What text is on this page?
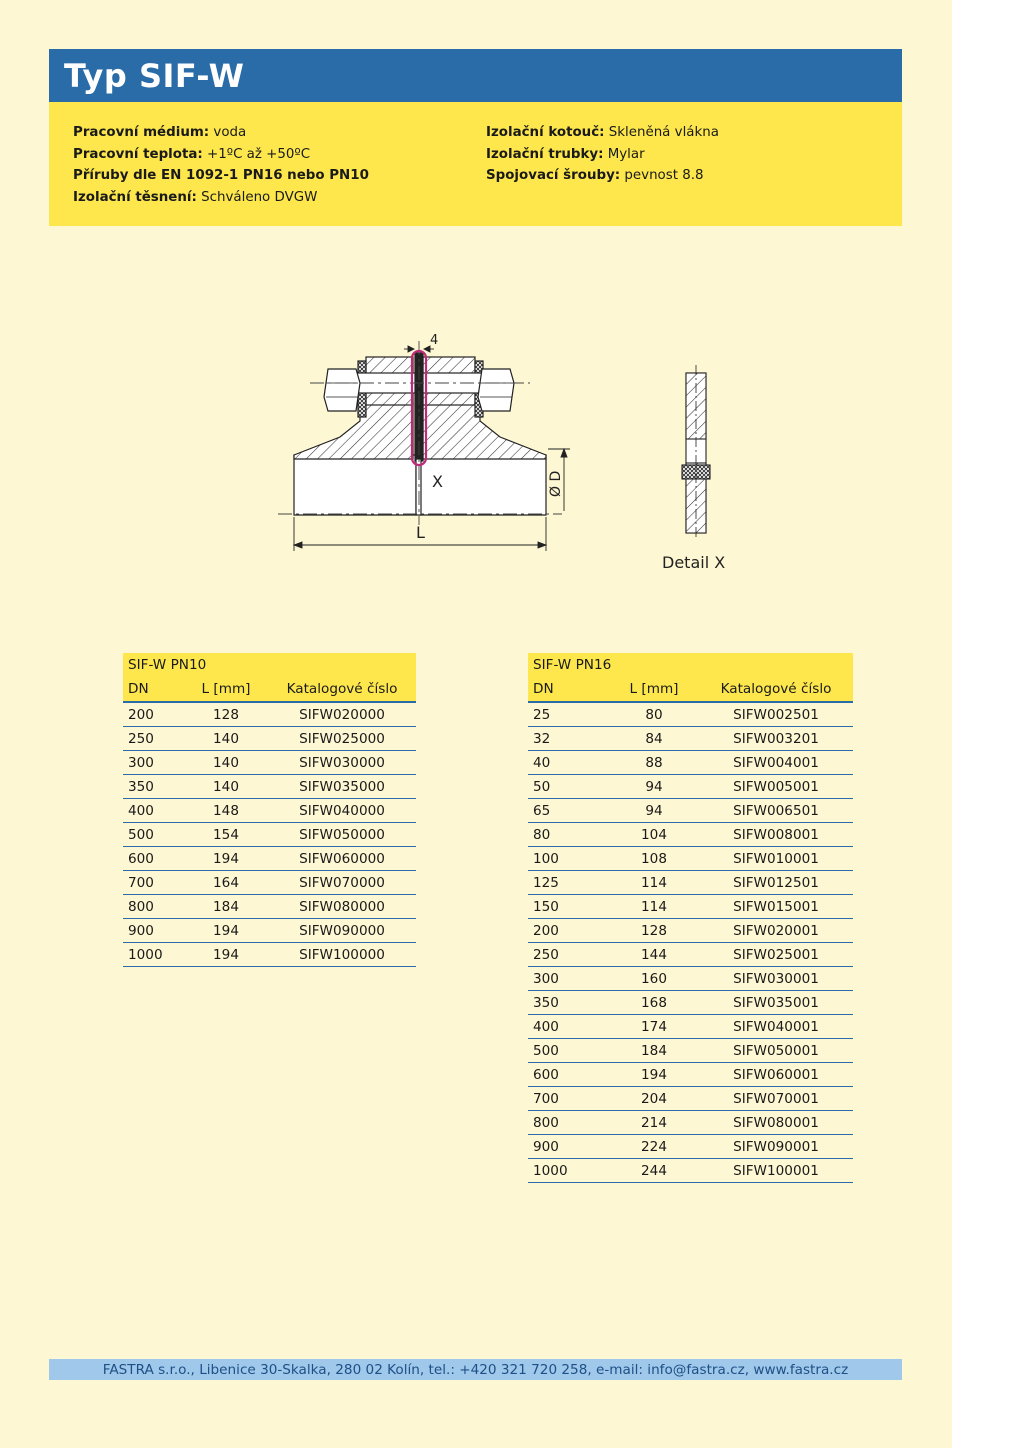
Typ SIF-W
Pracovní médium: voda
Pracovní teplota: +1ºC až +50ºC
Příruby dle EN 1092-1 PN16 nebo PN10
Izolační těsnení: Schváleno DVGW
Izolační kotouč: Skleněná vlákna
Izolační trubky: Mylar
Spojovací šrouby: pevnost 8.8
4
X
L
Ø D
Detail X
SIF-W PN10
DN	L [mm]	Katalogové číslo
200	128	SIFW020000
250	140	SIFW025000
300	140	SIFW030000
350	140	SIFW035000
400	148	SIFW040000
500	154	SIFW050000
600	194	SIFW060000
700	164	SIFW070000
800	184	SIFW080000
900	194	SIFW090000
1000	194	SIFW100000
SIF-W PN16
DN	L [mm]	Katalogové číslo
25	80	SIFW002501
32	84	SIFW003201
40	88	SIFW004001
50	94	SIFW005001
65	94	SIFW006501
80	104	SIFW008001
100	108	SIFW010001
125	114	SIFW012501
150	114	SIFW015001
200	128	SIFW020001
250	144	SIFW025001
300	160	SIFW030001
350	168	SIFW035001
400	174	SIFW040001
500	184	SIFW050001
600	194	SIFW060001
700	204	SIFW070001
800	214	SIFW080001
900	224	SIFW090001
1000	244	SIFW100001
FASTRA s.r.o., Libenice 30-Skalka, 280 02 Kolín, tel.: +420 321 720 258, e-mail: info@fastra.cz, www.fastra.cz
